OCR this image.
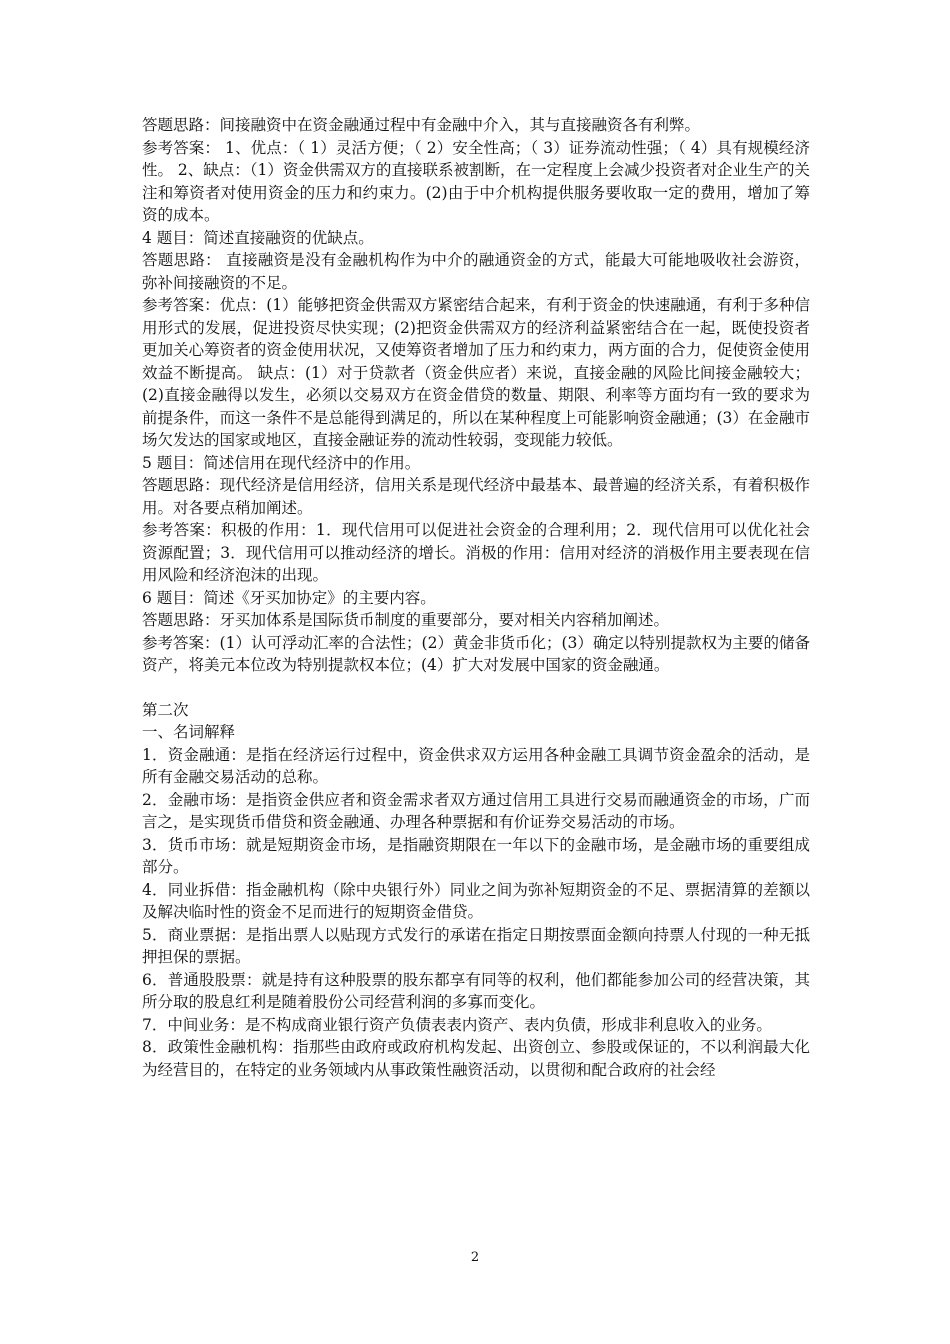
答题思路：间接融资中在资金融通过程中有金融中介入，其与直接融资各有利弊。

参考答案： 1、优点：（ 1）灵活方便；（ 2）安全性高；（ 3）证券流动性强；（ 4）具有规模经济性。 2、缺点：（1）资金供需双方的直接联系被割断，在一定程度上会减少投资者对企业生产的关注和筹资者对使用资金的压力和约束力。(2)由于中介机构提供服务要收取一定的费用，增加了筹资的成本。

4 题目：简述直接融资的优缺点。

答题思路： 直接融资是没有金融机构作为中介的融通资金的方式，能最大可能地吸收社会游资，弥补间接融资的不足。

参考答案：优点：(1）能够把资金供需双方紧密结合起来，有利于资金的快速融通，有利于多种信用形式的发展，促进投资尽快实现；(2)把资金供需双方的经济利益紧密结合在一起，既使投资者更加关心筹资者的资金使用状况，又使筹资者增加了压力和约束力，两方面的合力，促使资金使用效益不断提高。 缺点：(1）对于贷款者（资金供应者）来说，直接金融的风险比间接金融较大；(2)直接金融得以发生，必须以交易双方在资金借贷的数量、期限、利率等方面均有一致的要求为前提条件，而这一条件不是总能得到满足的，所以在某种程度上可能影响资金融通；(3）在金融市场欠发达的国家或地区，直接金融证券的流动性较弱，变现能力较低。

5 题目：简述信用在现代经济中的作用。

答题思路：现代经济是信用经济，信用关系是现代经济中最基本、最普遍的经济关系，有着积极作用。对各要点稍加阐述。

参考答案：积极的作用：1．现代信用可以促进社会资金的合理利用；2．现代信用可以优化社会资源配置；3．现代信用可以推动经济的增长。消极的作用：信用对经济的消极作用主要表现在信用风险和经济泡沫的出现。

6 题目：简述《牙买加协定》的主要内容。

答题思路：牙买加体系是国际货币制度的重要部分，要对相关内容稍加阐述。

参考答案：(1）认可浮动汇率的合法性；(2）黄金非货币化；(3）确定以特别提款权为主要的储备资产，将美元本位改为特别提款权本位；(4）扩大对发展中国家的资金融通。

第二次

一、名词解释

1．资金融通：是指在经济运行过程中，资金供求双方运用各种金融工具调节资金盈余的活动，是所有金融交易活动的总称。

2．金融市场：是指资金供应者和资金需求者双方通过信用工具进行交易而融通资金的市场，广而言之，是实现货币借贷和资金融通、办理各种票据和有价证券交易活动的市场。

3．货币市场：就是短期资金市场，是指融资期限在一年以下的金融市场，是金融市场的重要组成部分。

4．同业拆借：指金融机构（除中央银行外）同业之间为弥补短期资金的不足、票据清算的差额以及解决临时性的资金不足而进行的短期资金借贷。

5．商业票据：是指出票人以贴现方式发行的承诺在指定日期按票面金额向持票人付现的一种无抵押担保的票据。

6．普通股股票：就是持有这种股票的股东都享有同等的权利，他们都能参加公司的经营决策，其所分取的股息红利是随着股份公司经营利润的多寡而变化。

7．中间业务：是不构成商业银行资产负债表表内资产、表内负债，形成非利息收入的业务。

8．政策性金融机构：指那些由政府或政府机构发起、出资创立、参股或保证的，不以利润最大化为经营目的，在特定的业务领域内从事政策性融资活动，以贯彻和配合政府的社会经

2
